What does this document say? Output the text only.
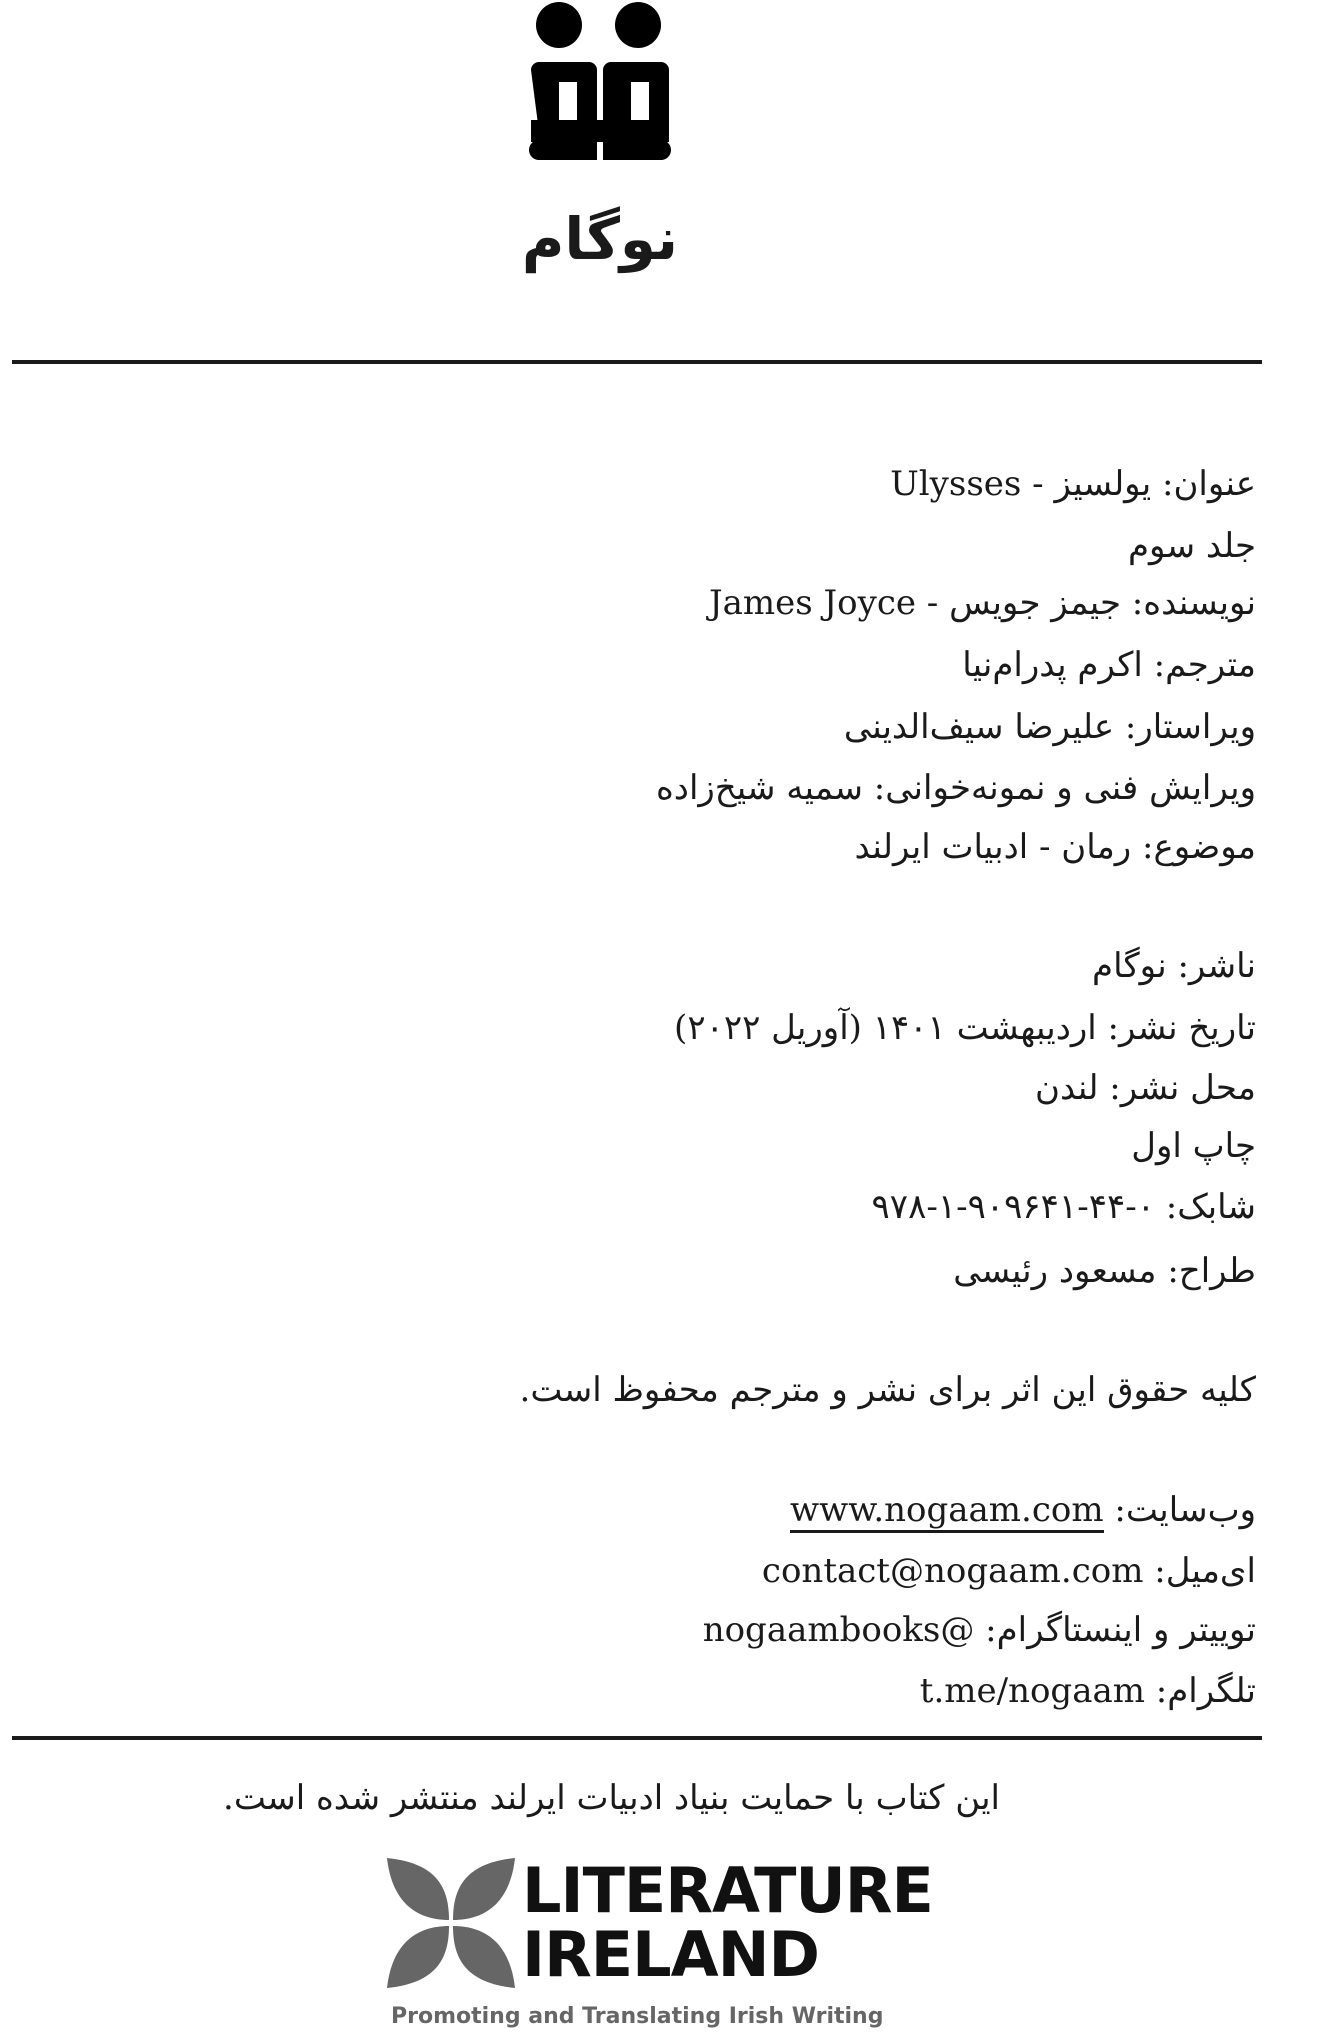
نوگام
عنوان: یولسیز - Ulysses
جلد سوم
نویسنده: جیمز جویس - James Joyce
مترجم: اکرم پدرام‌نیا
ویراستار: علیرضا سیف‌الدینی
ویرایش فنی و نمونه‌خوانی: سمیه شیخ‌زاده
موضوع: رمان - ادبیات ایرلند
ناشر: نوگام
تاریخ نشر: اردیبهشت ۱۴۰۱ (آوریل ۲۰۲۲)
محل نشر: لندن
چاپ اول
شابک: ۰-۴۴-۹۰۹۶۴۱-۱-۹۷۸
طراح: مسعود رئیسی
کلیه حقوق این اثر برای نشر و مترجم محفوظ است.
وب‌سایت: www.nogaam.com
ای‌میل: contact@nogaam.com
توییتر و اینستاگرام: @nogaambooks
تلگرام: t.me/nogaam
این کتاب با حمایت بنیاد ادبیات ایرلند منتشر شده است.
LITERATURE
IRELAND
Promoting and Translating Irish Writing
